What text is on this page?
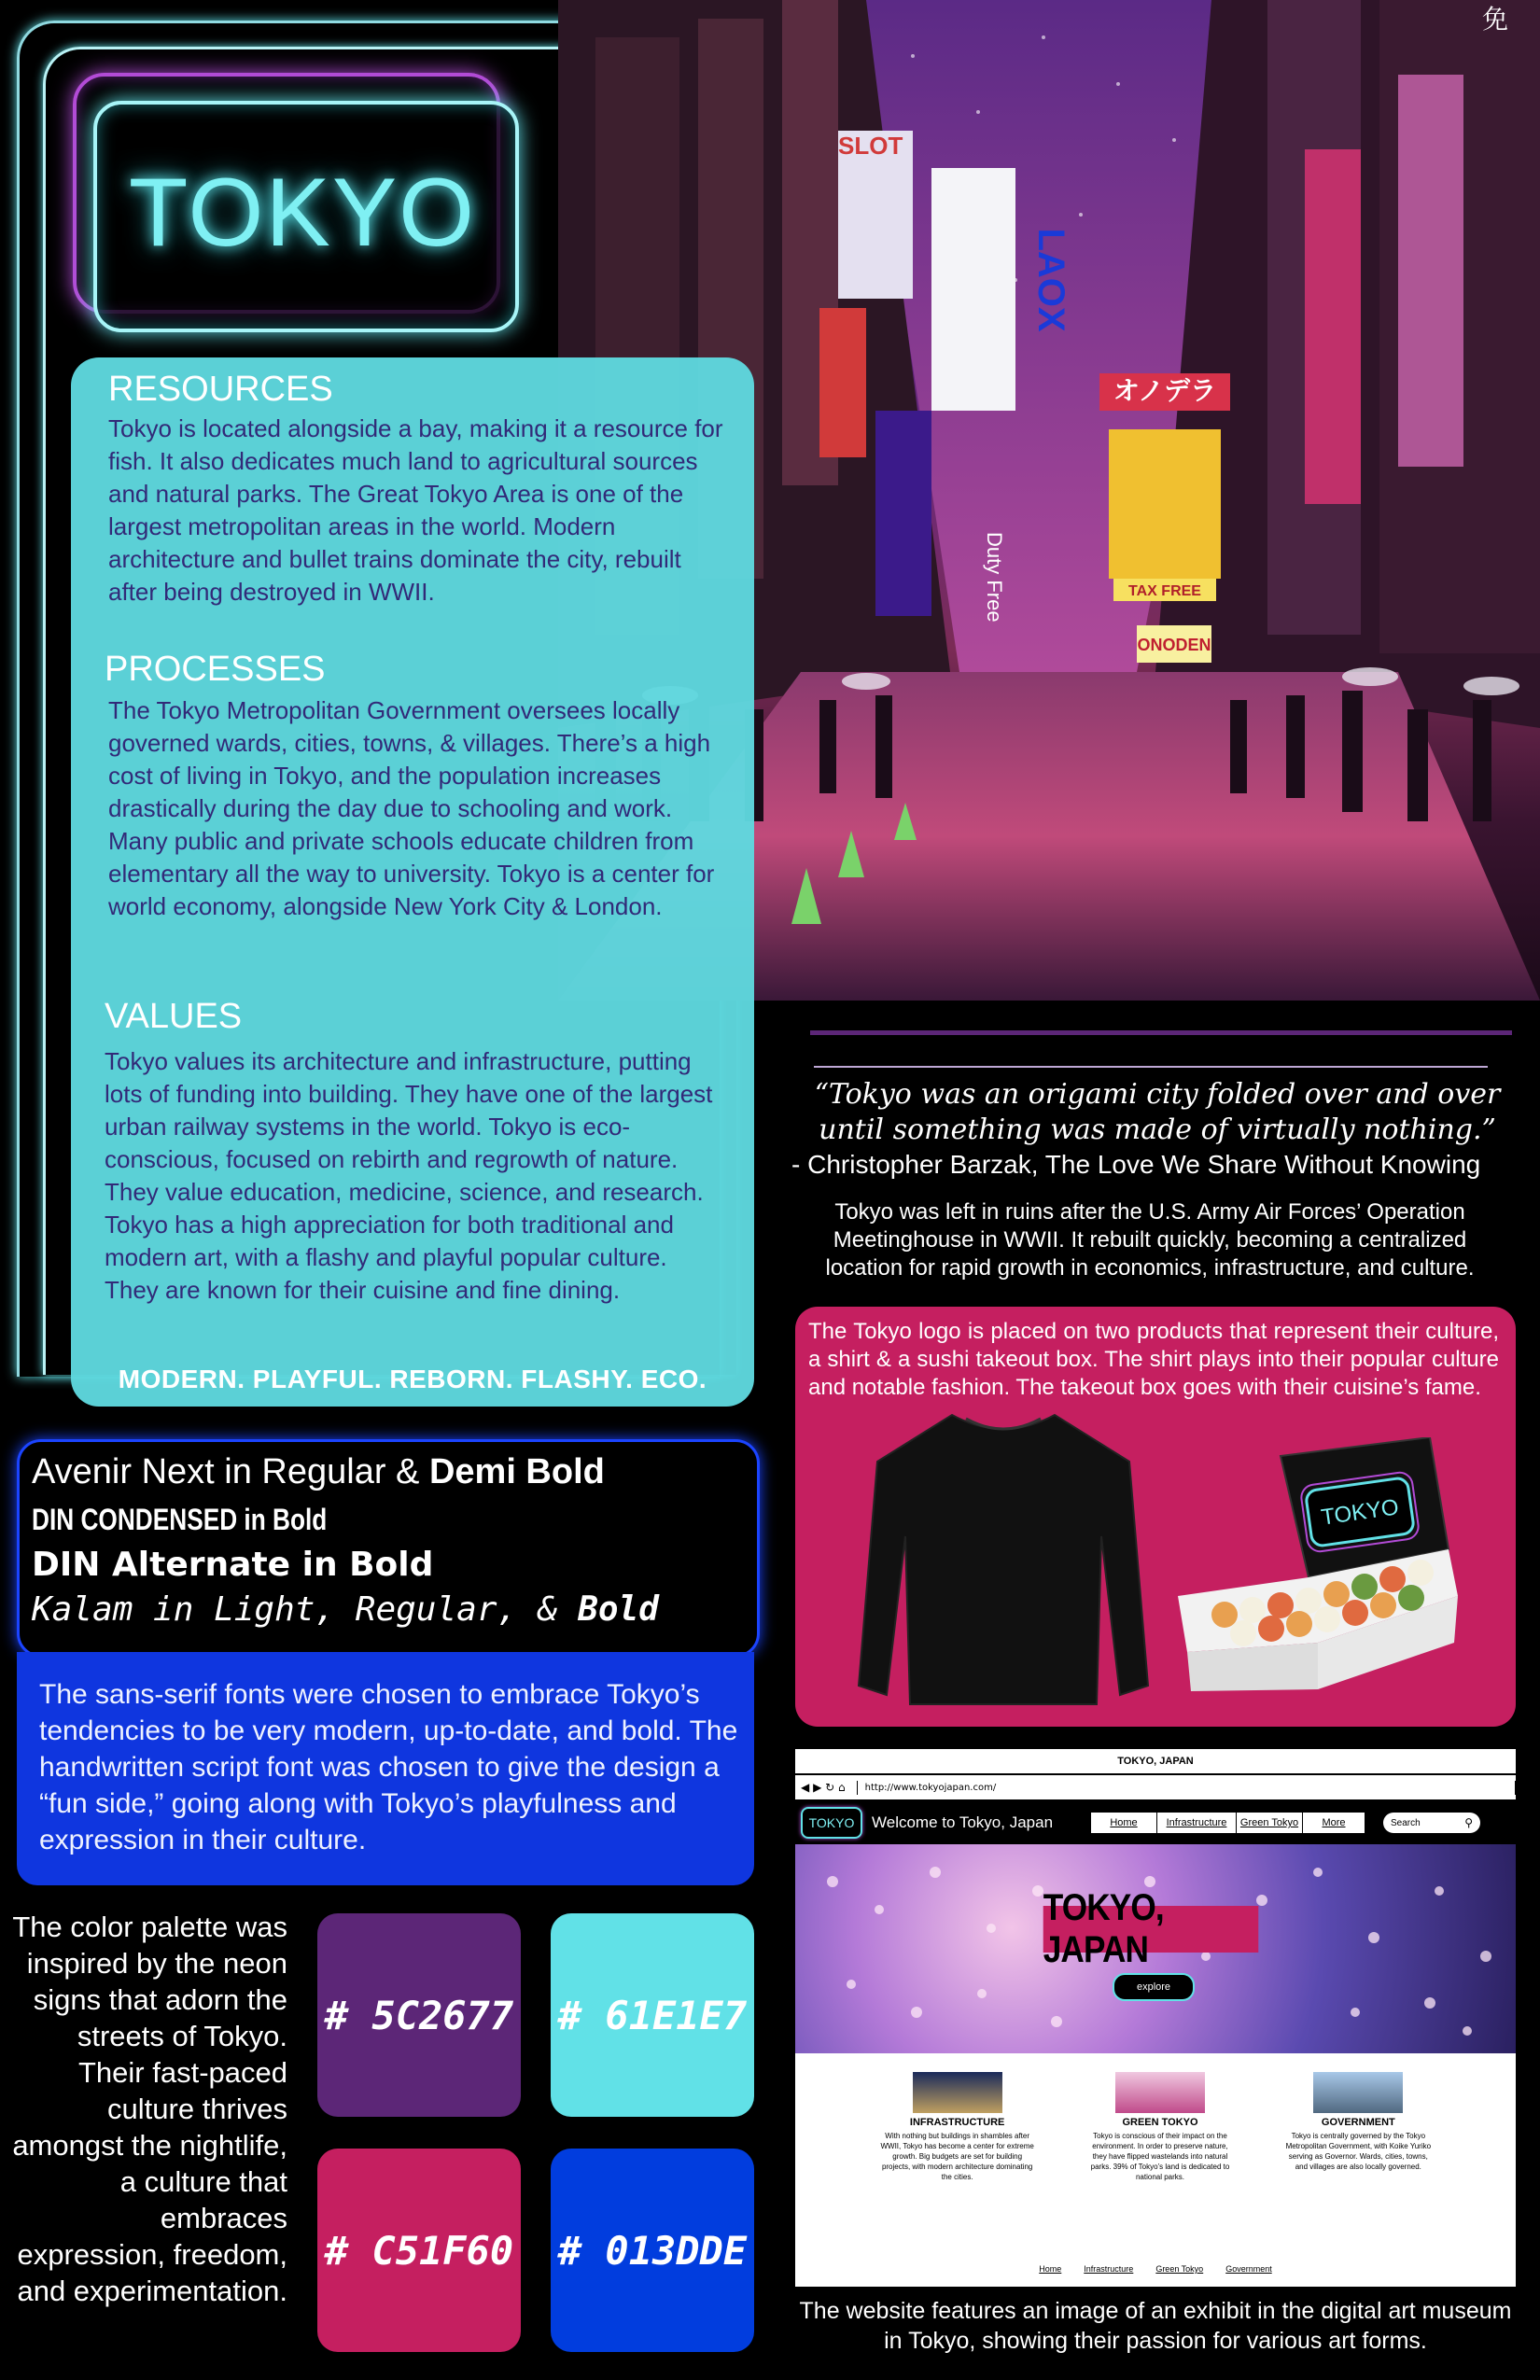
LAOX
SLOT
Duty Free
オノデラ
TAX FREE
ONODEN
免
TOKYO
RESOURCES
Tokyo is located alongside a bay, making it a resource for fish. It also dedicates much land to agricultural sources and natural parks. The Great Tokyo Area is one of the largest metropolitan areas in the world. Modern architecture and bullet trains dominate the city, rebuilt after being destroyed in WWII.
PROCESSES
The Tokyo Metropolitan Government oversees locally governed wards, cities, towns, & villages. There’s a high cost of living in Tokyo, and the population increases drastically during the day due to schooling and work. Many public and private schools educate children from elementary all the way to university. Tokyo is a center for world economy, alongside New York City & London.
VALUES
Tokyo values its architecture and infrastructure, putting lots of funding into building. They have one of the largest urban railway systems in the world. Tokyo is eco-conscious, focused on rebirth and regrowth of nature. They value education, medicine, science, and research. Tokyo has a high appreciation for both traditional and modern art, with a flashy and playful popular culture. They are known for their cuisine and fine dining.
MODERN. PLAYFUL. REBORN. FLASHY. ECO.
Avenir Next in Regular & Demi Bold
DIN CONDENSED in Bold
DIN Alternate in Bold
Kalam in Light, Regular, & Bold
The sans-serif fonts were chosen to embrace Tokyo’s tendencies to be very modern, up-to-date, and bold. The handwritten script font was chosen to give the design a “fun side,” going along with Tokyo’s playfulness and expression in their culture.
The color palette was inspired by the neon signs that adorn the streets of Tokyo. Their fast-paced culture thrives amongst the nightlife, a culture that embraces expression, freedom, and experimentation.
# 5C2677 # 61E1E7
# C51F60 # 013DDE
“Tokyo was an origami city folded over and over until something was made of virtually nothing.”
- Christopher Barzak, The Love We Share Without Knowing
Tokyo was left in ruins after the U.S. Army Air Forces’ Operation Meetinghouse in WWII. It rebuilt quickly, becoming a centralized location for rapid growth in economics, infrastructure, and culture.
The Tokyo logo is placed on two products that represent their culture, a shirt & a sushi takeout box. The shirt plays into their popular culture and notable fashion. The takeout box goes with their cuisine’s fame.
TOKYO
TOKYO, JAPAN
◀
▶
↻
⌂	http://www.tokyojapan.com/
TOKYO	Welcome to Tokyo, Japan	Home	Infrastructure	Green Tokyo	More	Search	⚲
TOKYO, JAPAN
explore
INFRASTRUCTURE
With nothing but buildings in shambles after WWII, Tokyo has become a center for extreme growth. Big budgets are set for building projects, with modern architecture dominating the cities.
GREEN TOKYO
Tokyo is conscious of their impact on the environment. In order to preserve nature, they have flipped wastelands into natural parks. 39% of Tokyo’s land is dedicated to national parks.
GOVERNMENT
Tokyo is centrally governed by the Tokyo Metropolitan Government, with Koike Yuriko serving as Governor. Wards, cities, towns, and villages are also locally governed.
Home	Infrastructure	Green Tokyo	Government
The website features an image of an exhibit in the digital art museum in Tokyo, showing their passion for various art forms.
